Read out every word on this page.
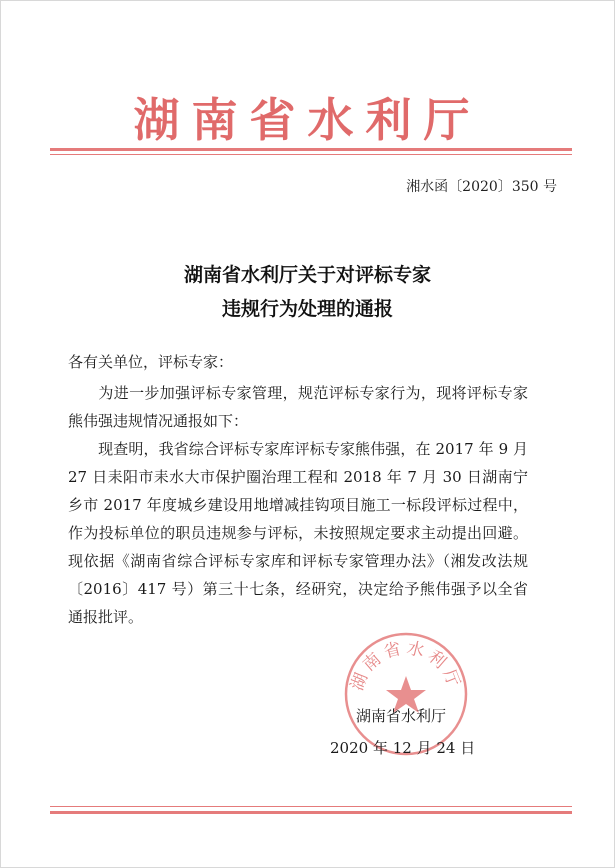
湖南省水利厅
湘水函〔2020〕350 号
湖南省水利厅关于对评标专家
违规行为处理的通报
各有关单位，评标专家：
为进一步加强评标专家管理，规范评标专家行为，现将评标专家熊伟强违规情况通报如下：
现查明，我省综合评标专家库评标专家熊伟强，在 2017 年 9 月 27 日耒阳市耒水大市保护圈治理工程和 2018 年 7 月 30 日湖南宁乡市 2017 年度城乡建设用地增减挂钩项目施工一标段评标过程中，作为投标单位的职员违规参与评标，未按照规定要求主动提出回避。现依据《湖南省综合评标专家库和评标专家管理办法》（湘发改法规〔2016〕417 号）第三十七条，经研究，决定给予熊伟强予以全省通报批评。
湖南省水利厅
湖南省水利厅
2020 年 12 月 24 日
